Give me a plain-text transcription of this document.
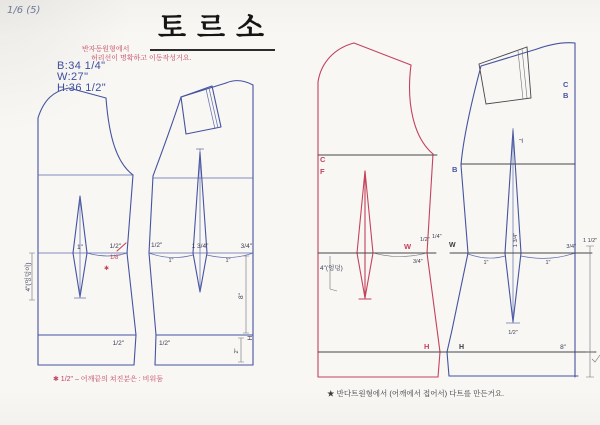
1/6 (5)
토르소
B:34 1/4"
W:27"
H:36 1/2"
반자동원형에서
허리선이 명확하고 이동작성거요.
1"	1/2"	1/2"	1 3/4"	3/4"
1"	1"
1/2"	1/2"
8"
H
2"
4"(엉덩이)
1/8"
✱
C
F
W
H
1/2" 1/4"
3/4"
4"(엉덩)
C
B
B
W
H
7"
1 3/4"
1"	1"
1/2"
3/4"
1 1/2"
8"
✱ 1/2" – 어깨끝의 쳐진분은 : 비워둠
★ 반다트원형에서 (어깨에서 접어서) 다트를 만든거요.
